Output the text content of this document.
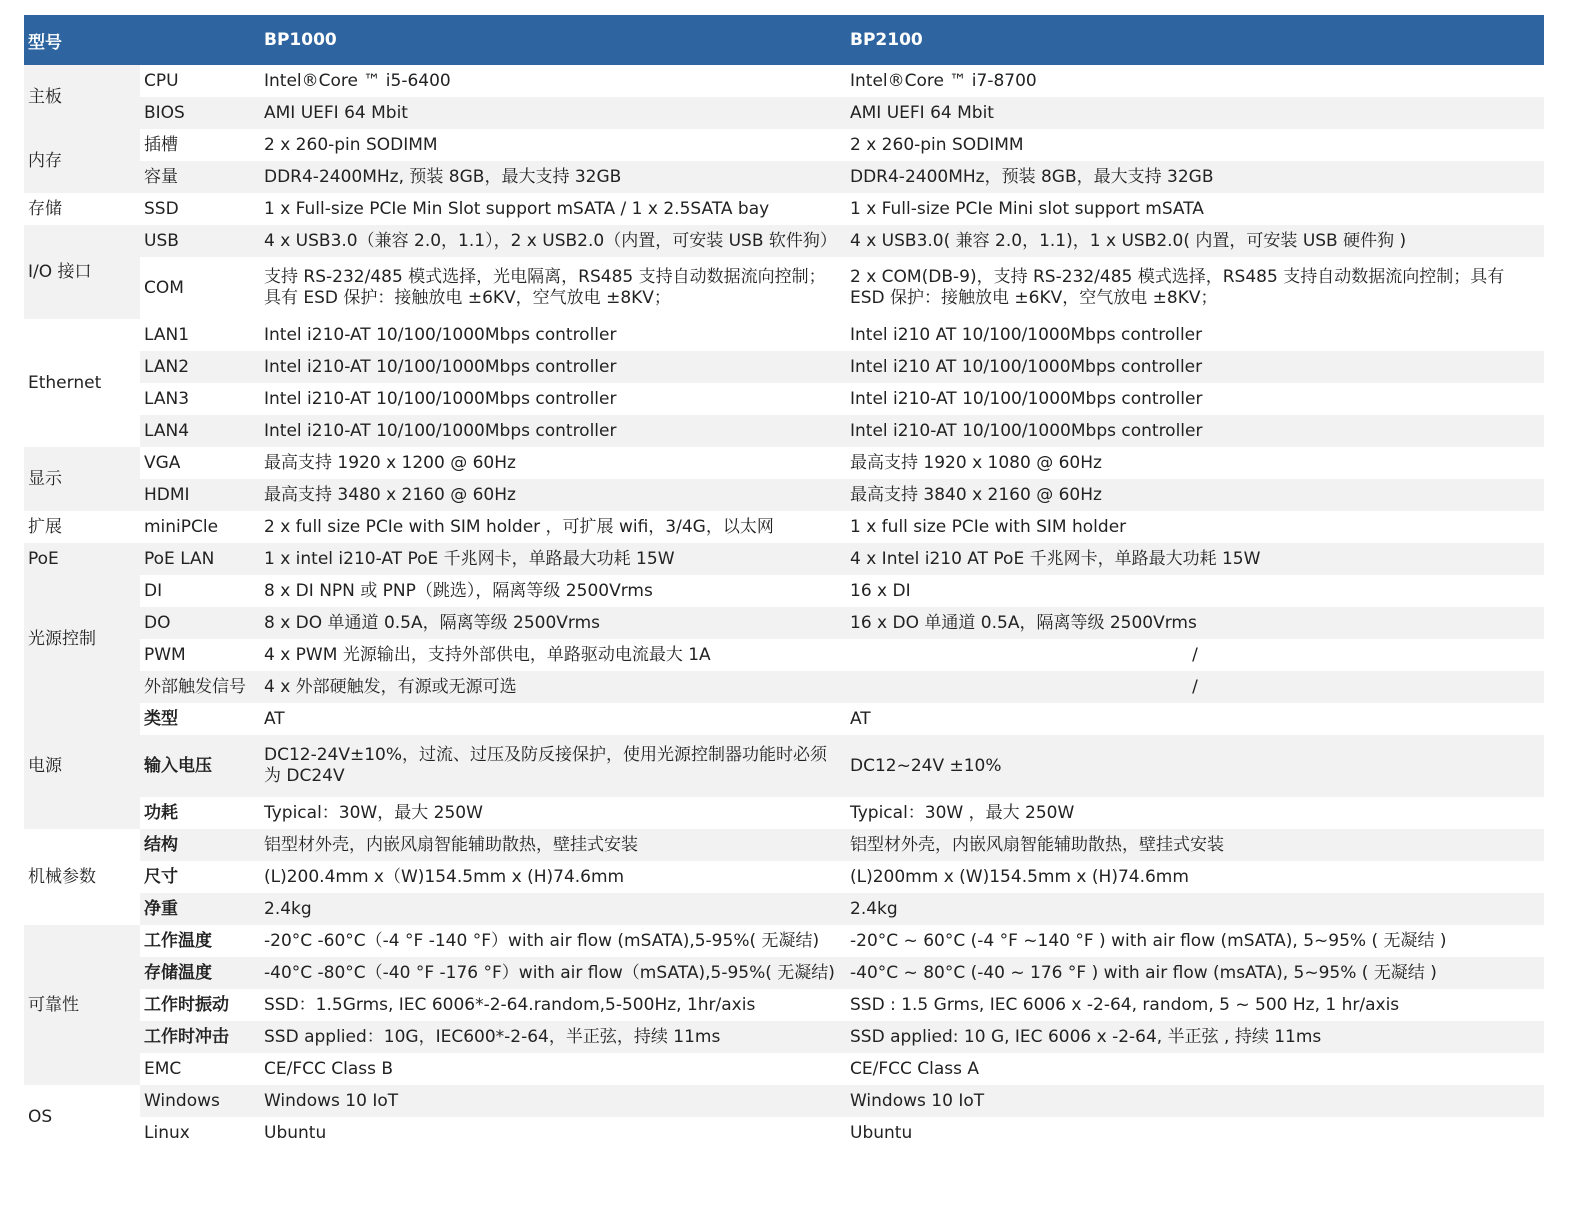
型号		BP1000	BP2100
主板	CPU	Intel®Core ™ i5-6400	Intel®Core ™ i7-8700
	BIOS	AMI UEFI 64 Mbit	AMI UEFI 64 Mbit
内存	插槽	2 x 260-pin SODIMM	2 x 260-pin SODIMM
	容量	DDR4-2400MHz, 预装 8GB，最大支持 32GB	DDR4-2400MHz，预装 8GB，最大支持 32GB
存储	SSD	1 x Full-size PCIe Min Slot support mSATA / 1 x 2.5SATA bay	1 x Full-size PCIe Mini slot support mSATA
I/O 接口	USB	4 x USB3.0（兼容 2.0，1.1），2 x USB2.0（内置，可安装 USB 软件狗）	4 x USB3.0( 兼容 2.0，1.1)，1 x USB2.0( 内置，可安装 USB 硬件狗 )
	COM	支持 RS-232/485 模式选择，光电隔离，RS485 支持自动数据流向控制；具有 ESD 保护：接触放电 ±6KV，空气放电 ±8KV；	2 x COM(DB-9)，支持 RS-232/485 模式选择，RS485 支持自动数据流向控制；具有 ESD 保护：接触放电 ±6KV，空气放电 ±8KV；
Ethernet	LAN1	Intel i210-AT 10/100/1000Mbps controller	Intel i210 AT 10/100/1000Mbps controller
	LAN2	Intel i210-AT 10/100/1000Mbps controller	Intel i210 AT 10/100/1000Mbps controller
	LAN3	Intel i210-AT 10/100/1000Mbps controller	Intel i210-AT 10/100/1000Mbps controller
	LAN4	Intel i210-AT 10/100/1000Mbps controller	Intel i210-AT 10/100/1000Mbps controller
显示	VGA	最高支持 1920 x 1200 @ 60Hz	最高支持 1920 x 1080 @ 60Hz
	HDMI	最高支持 3480 x 2160 @ 60Hz	最高支持 3840 x 2160 @ 60Hz
扩展	miniPCle	2 x full size PCIe with SIM holder ，可扩展 wifi，3/4G，以太网	1 x full size PCIe with SIM holder
PoE	PoE LAN	1 x intel i210-AT PoE 千兆网卡，单路最大功耗 15W	4 x Intel i210 AT PoE 千兆网卡，单路最大功耗 15W
光源控制	DI	8 x DI NPN 或 PNP（跳选），隔离等级 2500Vrms	16 x DI
	DO	8 x DO 单通道 0.5A，隔离等级 2500Vrms	16 x DO 单通道 0.5A，隔离等级 2500Vrms
	PWM	4 x PWM 光源输出，支持外部供电，单路驱动电流最大 1A	/
	外部触发信号	4 x 外部硬触发，有源或无源可选	/
电源	类型	AT	AT
	输入电压	DC12-24V±10%，过流、过压及防反接保护，使用光源控制器功能时必须为 DC24V	DC12~24V ±10%
	功耗	Typical：30W，最大 250W	Typical：30W ，最大 250W
机械参数	结构	铝型材外壳，内嵌风扇智能辅助散热，壁挂式安装	铝型材外壳，内嵌风扇智能辅助散热，壁挂式安装
	尺寸	(L)200.4mm x（W)154.5mm x (H)74.6mm	(L)200mm x (W)154.5mm x (H)74.6mm
	净重	2.4kg	2.4kg
可靠性	工作温度	-20°C -60°C（-4 °F -140 °F）with air flow (mSATA),5-95%( 无凝结)	-20°C ~ 60°C (-4 °F ~140 °F ) with air flow (mSATA), 5~95% ( 无凝结 )
	存储温度	-40°C -80°C（-40 °F -176 °F）with air flow（mSATA),5-95%( 无凝结)	-40°C ~ 80°C (-40 ~ 176 °F ) with air flow (msATA), 5~95% ( 无凝结 )
	工作时振动	SSD：1.5Grms, IEC 6006*-2-64.random,5-500Hz, 1hr/axis	SSD : 1.5 Grms, IEC 6006 x -2-64, random, 5 ~ 500 Hz, 1 hr/axis
	工作时冲击	SSD applied：10G，IEC600*-2-64，半正弦，持续 11ms	SSD applied: 10 G, IEC 6006 x -2-64, 半正弦 , 持续 11ms
	EMC	CE/FCC Class B	CE/FCC Class A
OS	Windows	Windows 10 IoT	Windows 10 IoT
	Linux	Ubuntu	Ubuntu
